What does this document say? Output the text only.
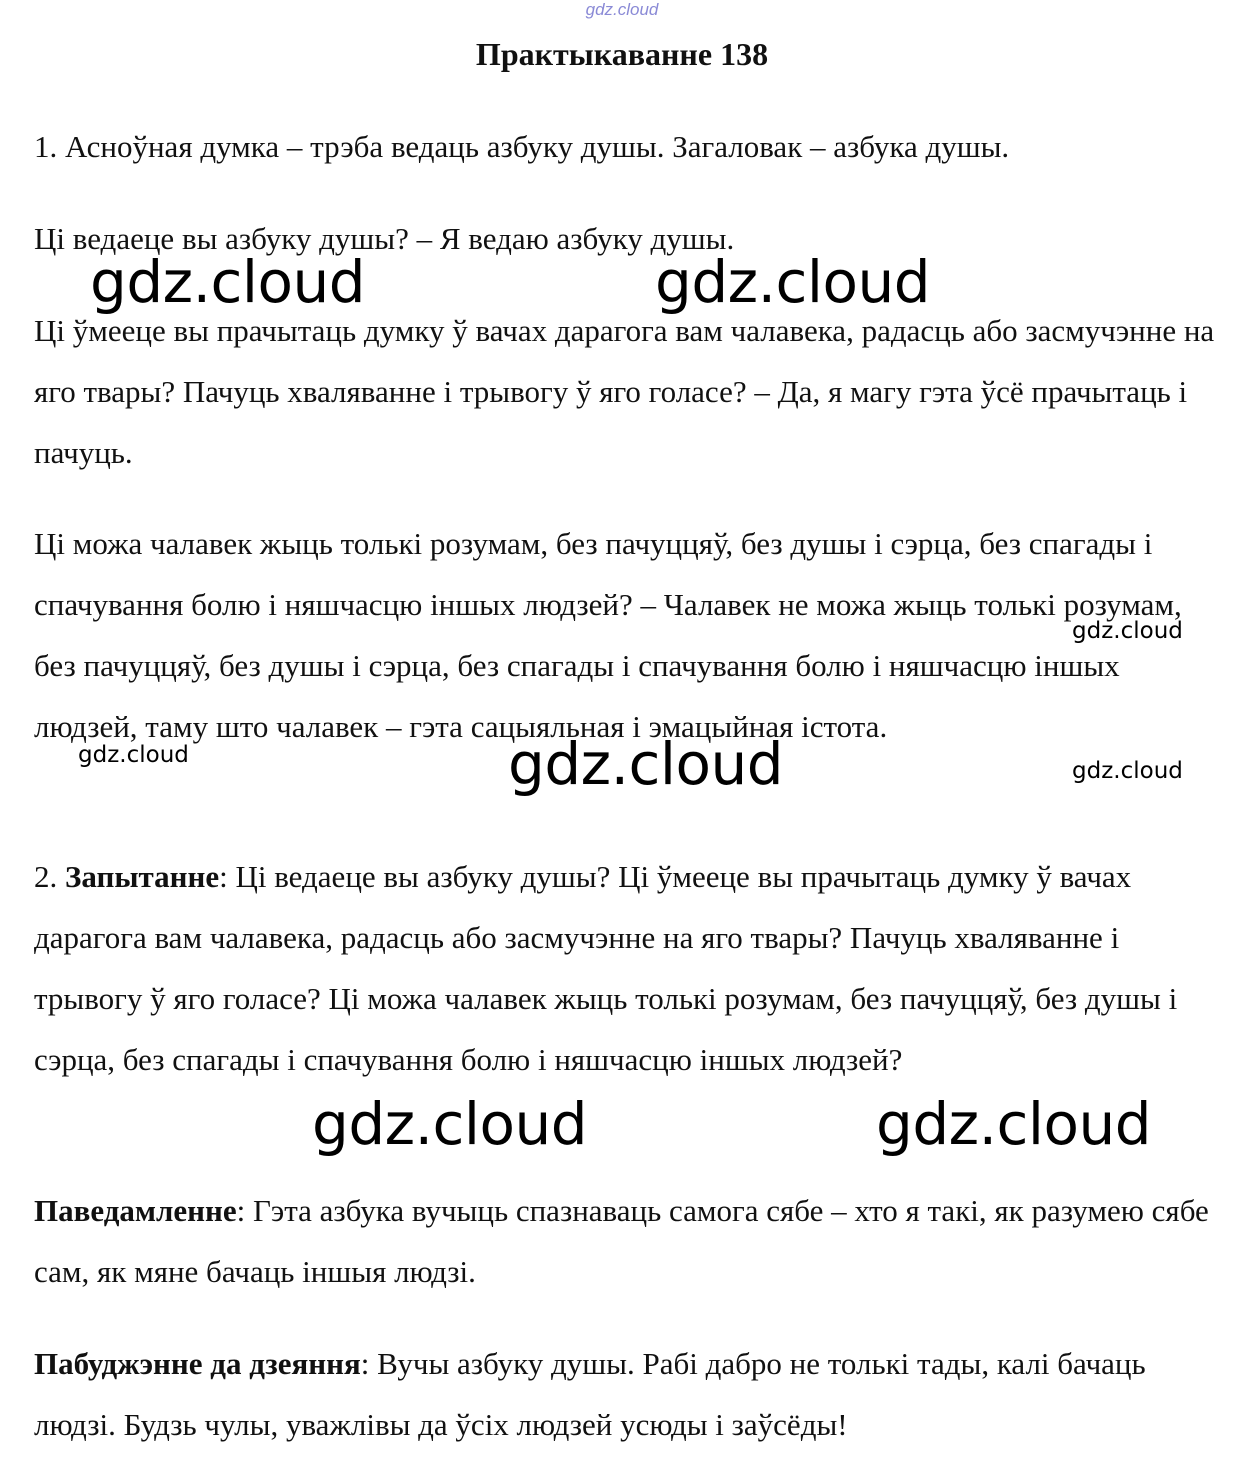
gdz.cloud
Практыкаванне 138

1. Асноўная думка – трэба ведаць азбуку душы. Загаловак – азбука душы.

Ці ведаеце вы азбуку душы? – Я ведаю азбуку душы.

Ці ўмееце вы прачытаць думку ў вачах дарагога вам чалавека, радасць або засмучэнне на яго твары? Пачуць хваляванне і трывогу ў яго голасе? – Да, я магу гэта ўсё прачытаць і пачуць.

Ці можа чалавек жыць толькі розумам, без пачуццяў, без душы і сэрца, без спагады і спачування болю і няшчасцю іншых людзей? – Чалавек не можа жыць толькі розумам, без пачуццяў, без душы і сэрца, без спагады і спачування болю і няшчасцю іншых людзей, таму што чалавек – гэта сацыяльная і эмацыйная істота.

2. Запытанне: Ці ведаеце вы азбуку душы? Ці ўмееце вы прачытаць думку ў вачах дарагога вам чалавека, радасць або засмучэнне на яго твары? Пачуць хваляванне і трывогу ў яго голасе? Ці можа чалавек жыць толькі розумам, без пачуццяў, без душы і сэрца, без спагады і спачування болю і няшчасцю іншых людзей?

Паведамленне: Гэта азбука вучыць спазнаваць самога сябе – хто я такі, як разумею сябе сам, як мяне бачаць іншыя людзі.

Пабуджэнне да дзеяння: Вучы азбуку душы. Рабі дабро не толькі тады, калі бачаць людзі. Будзь чулы, уважлівы да ўсіх людзей усюды і заўсёды!

gdz.cloud	gdz.cloud
gdz.cloud
gdz.cloud	gdz.cloud	gdz.cloud
gdz.cloud	gdz.cloud
